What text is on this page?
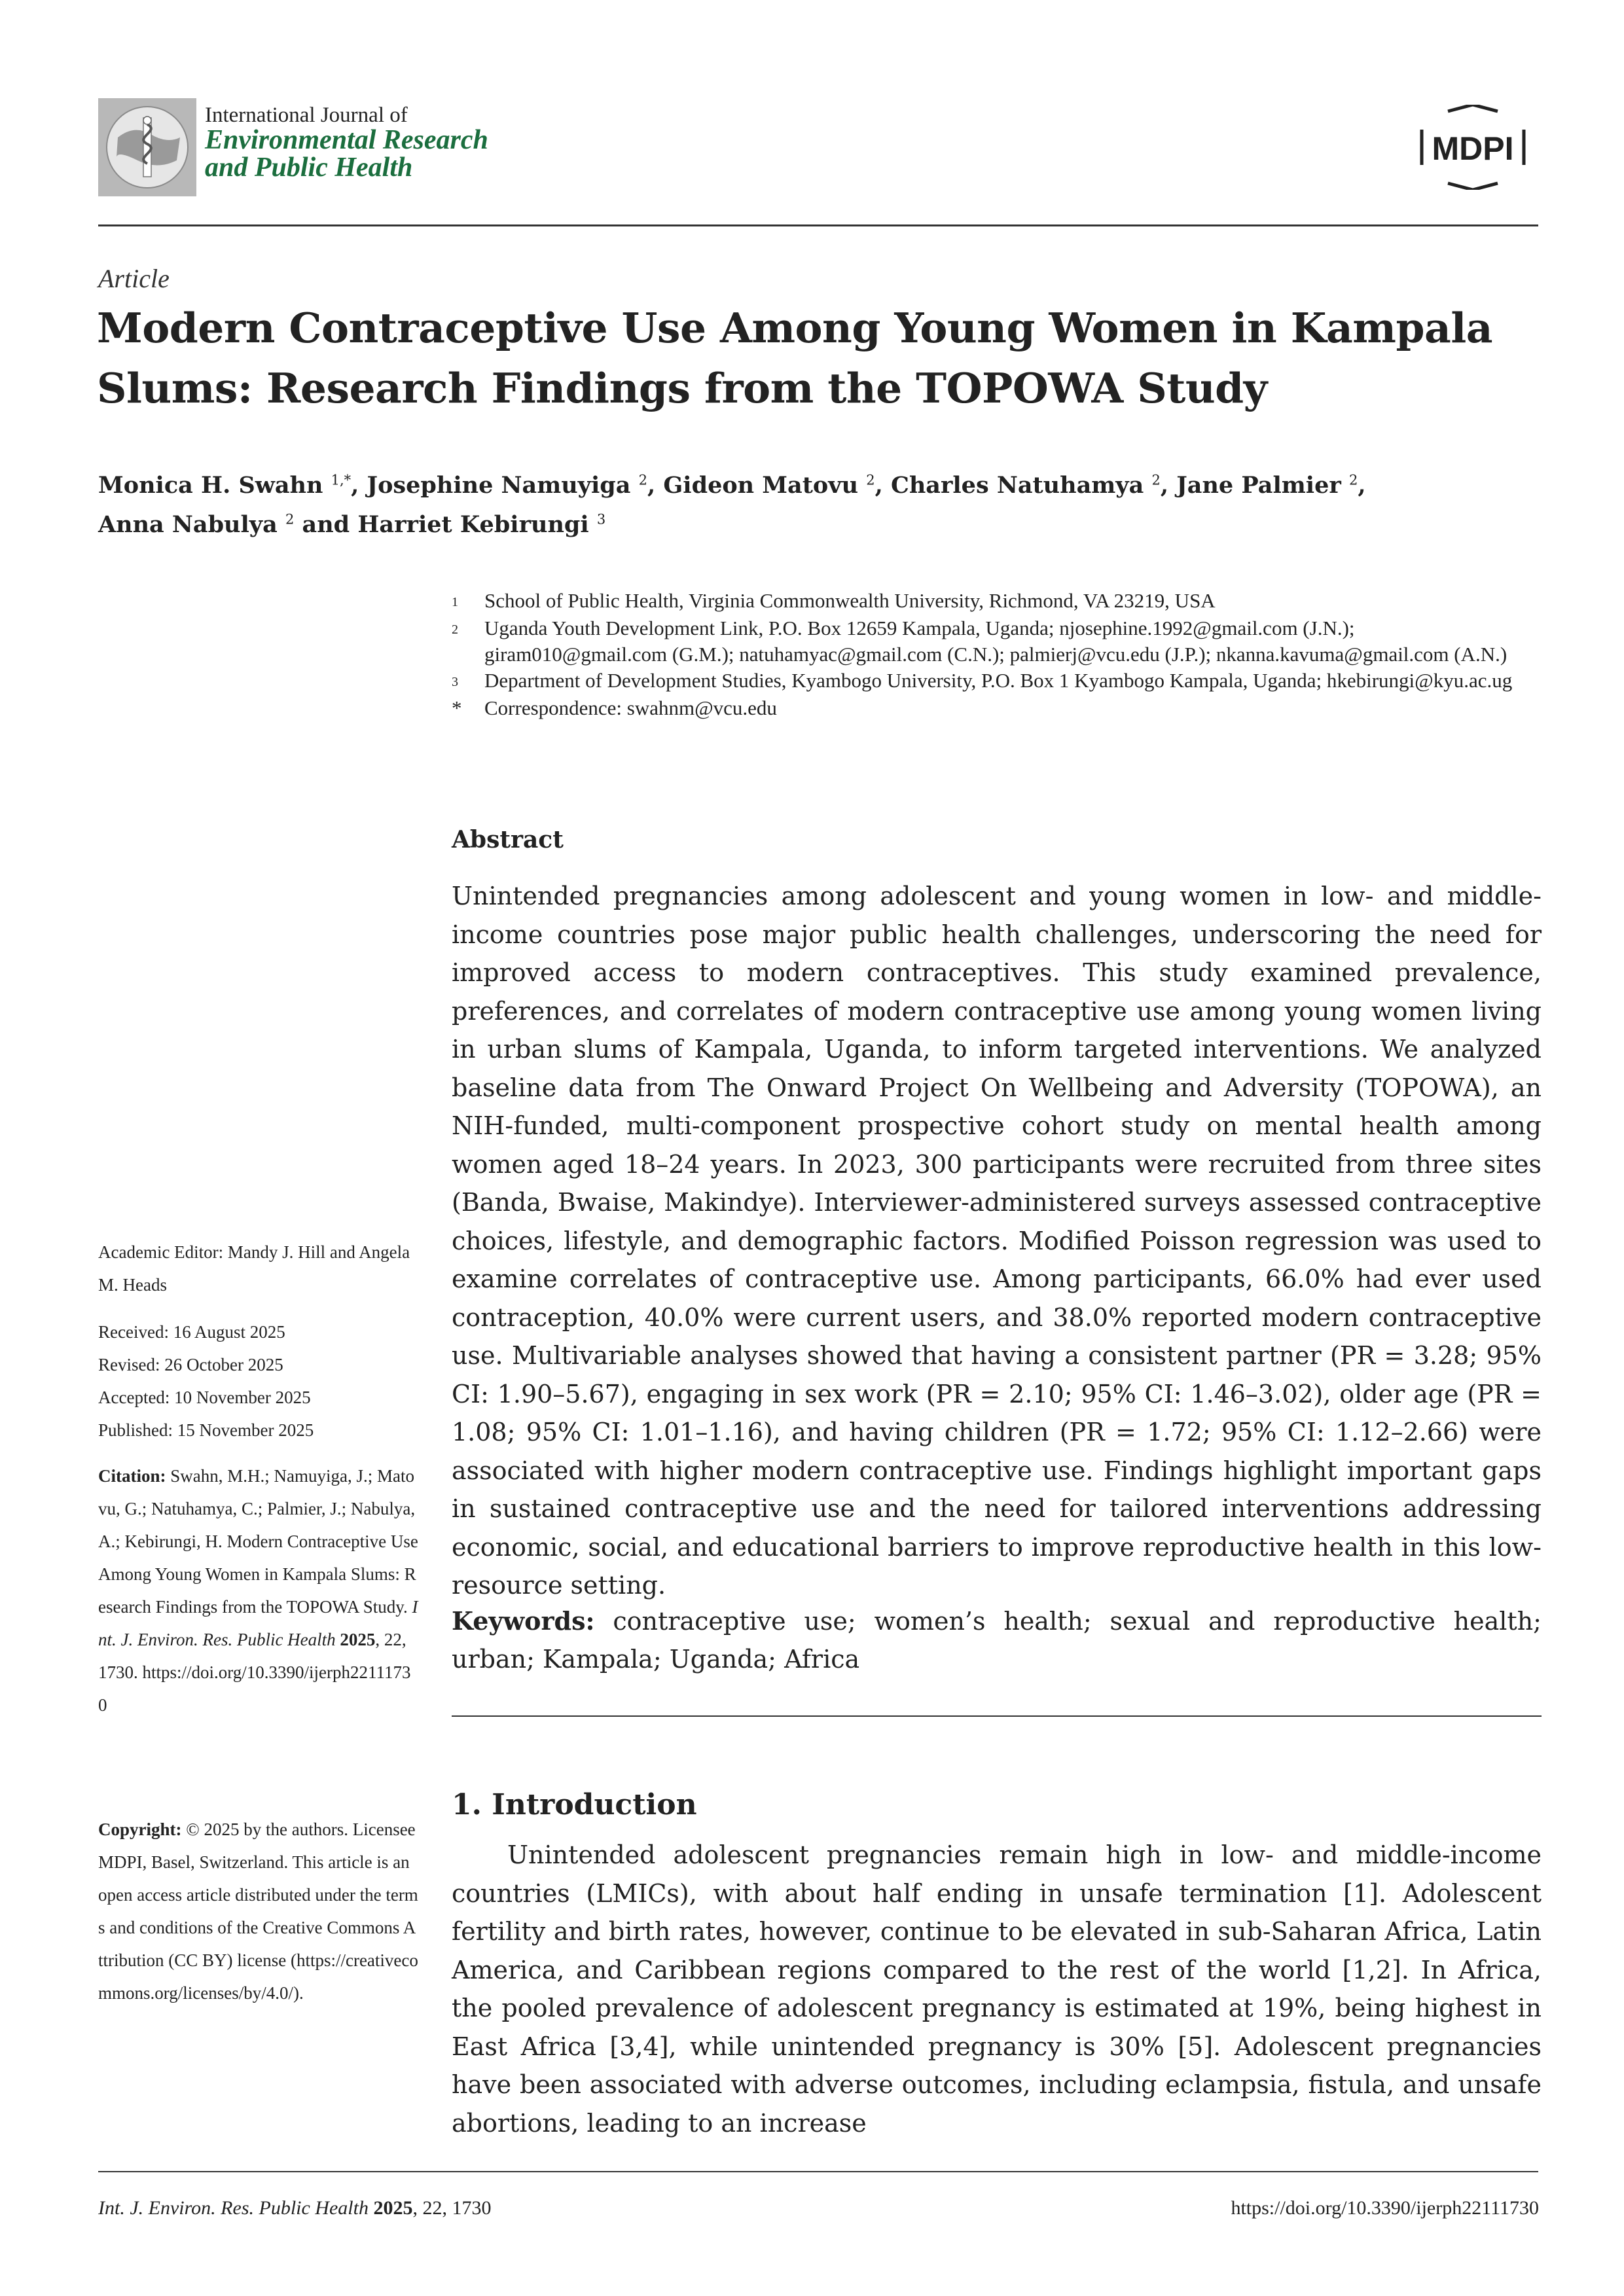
International Journal of
Environmental Research
and Public Health
MDPI
Article
Modern Contraceptive Use Among Young Women in Kampala Slums: Research Findings from the TOPOWA Study
Monica H. Swahn $^{1,*}$, Josephine Namuyiga $^2$, Gideon Matovu $^2$, Charles Natuhamya $^2$, Jane Palmier $^2$,
Anna Nabulya $^2$ and Harriet Kebirungi $^3$
1	School of Public Health, Virginia Commonwealth University, Richmond, VA 23219, USA
2	Uganda Youth Development Link, P.O. Box 12659 Kampala, Uganda; njosephine.1992@gmail.com (J.N.); giram010@gmail.com (G.M.); natuhamyac@gmail.com (C.N.); palmierj@vcu.edu (J.P.); nkanna.kavuma@gmail.com (A.N.)
3	Department of Development Studies, Kyambogo University, P.O. Box 1 Kyambogo Kampala, Uganda; hkebirungi@kyu.ac.ug
*	Correspondence: swahnm@vcu.edu
Abstract
Unintended pregnancies among adolescent and young women in low- and middle-income countries pose major public health challenges, underscoring the need for improved access to modern contraceptives. This study examined prevalence, preferences, and correlates of modern contraceptive use among young women living in urban slums of Kampala, Uganda, to inform targeted interventions. We analyzed baseline data from The Onward Project On Wellbeing and Adversity (TOPOWA), an NIH-funded, multi-component prospective cohort study on mental health among women aged 18–24 years. In 2023, 300 participants were recruited from three sites (Banda, Bwaise, Makindye). Interviewer-administered surveys assessed contraceptive choices, lifestyle, and demographic factors. Modified Poisson regression was used to examine correlates of contraceptive use. Among participants, 66.0% had ever used contraception, 40.0% were current users, and 38.0% reported modern contraceptive use. Multivariable analyses showed that having a consistent partner (PR = 3.28; 95% CI: 1.90–5.67), engaging in sex work (PR = 2.10; 95% CI: 1.46–3.02), older age (PR = 1.08; 95% CI: 1.01–1.16), and having children (PR = 1.72; 95% CI: 1.12–2.66) were associated with higher modern contraceptive use. Findings highlight important gaps in sustained contraceptive use and the need for tailored interventions addressing economic, social, and educational barriers to improve reproductive health in this low-resource setting.
Keywords: contraceptive use; women’s health; sexual and reproductive health; urban; Kampala; Uganda; Africa
1. Introduction
Unintended adolescent pregnancies remain high in low- and middle-income countries (LMICs), with about half ending in unsafe termination [1]. Adolescent fertility and birth rates, however, continue to be elevated in sub-Saharan Africa, Latin America, and Caribbean regions compared to the rest of the world [1,2]. In Africa, the pooled prevalence of adolescent pregnancy is estimated at 19%, being highest in East Africa [3,4], while unintended pregnancy is 30% [5]. Adolescent pregnancies have been associated with adverse outcomes, including eclampsia, fistula, and unsafe abortions, leading to an increase
Academic Editor: Mandy J. Hill and Angela M. Heads
Received: 16 August 2025
Revised: 26 October 2025
Accepted: 10 November 2025
Published: 15 November 2025
Citation: Swahn, M.H.; Namuyiga, J.; Matovu, G.; Natuhamya, C.; Palmier, J.; Nabulya, A.; Kebirungi, H. Modern Contraceptive Use Among Young Women in Kampala Slums: Research Findings from the TOPOWA Study. Int. J. Environ. Res. Public Health 2025, 22, 1730. https://doi.org/10.3390/ijerph22111730
Copyright: © 2025 by the authors. Licensee MDPI, Basel, Switzerland. This article is an open access article distributed under the terms and conditions of the Creative Commons Attribution (CC BY) license (https://creativecommons.org/licenses/by/4.0/).
Int. J. Environ. Res. Public Health 2025, 22, 1730	https://doi.org/10.3390/ijerph22111730
